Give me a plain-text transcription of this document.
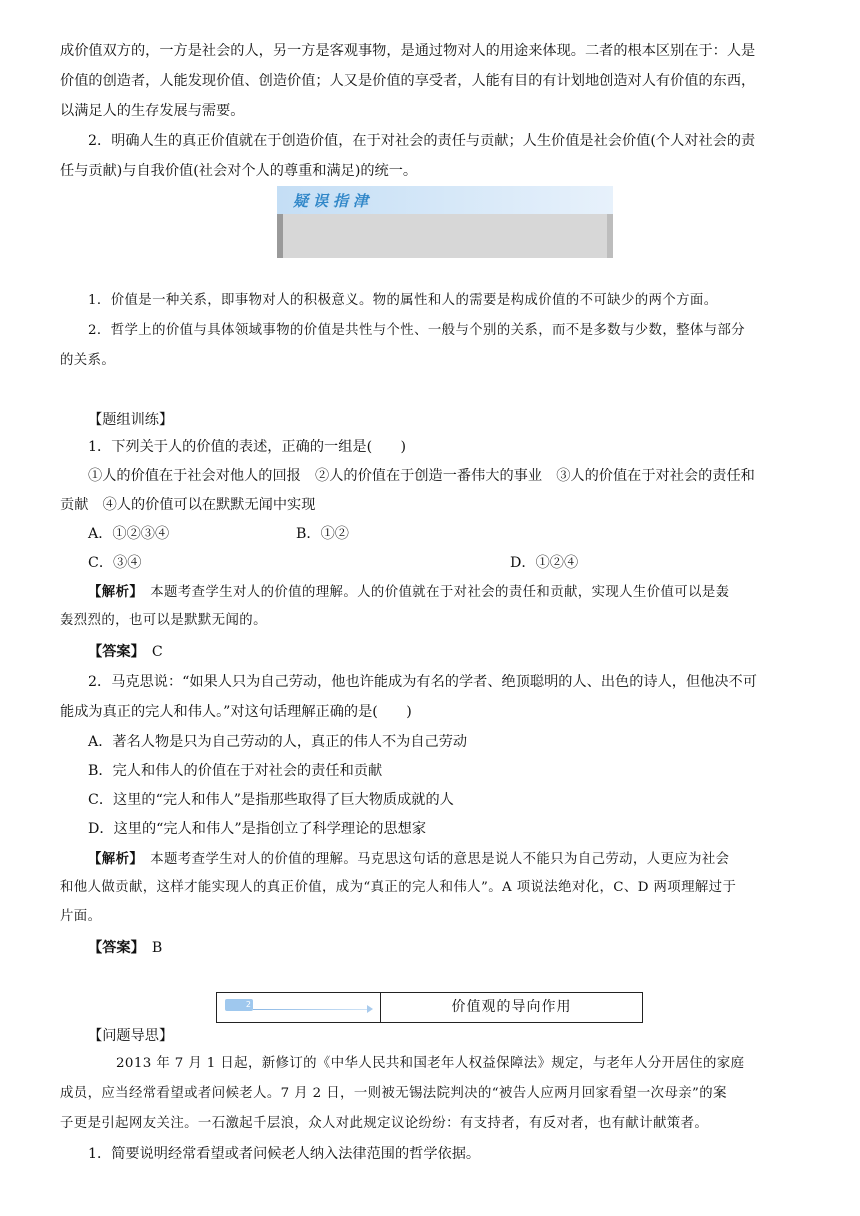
成价值双方的，一方是社会的人，另一方是客观事物，是通过物对人的用途来体现。二者的根本区别在于：人是

价值的创造者，人能发现价值、创造价值；人又是价值的享受者，人能有目的有计划地创造对人有价值的东西，

以满足人的生存发展与需要。

2．明确人生的真正价值就在于创造价值，在于对社会的责任与贡献；人生价值是社会价值(个人对社会的责

任与贡献)与自我价值(社会对个人的尊重和满足)的统一。

疑误指津

1．价值是一种关系，即事物对人的积极意义。物的属性和人的需要是构成价值的不可缺少的两个方面。

2．哲学上的价值与具体领域事物的价值是共性与个性、一般与个别的关系，而不是多数与少数，整体与部分

的关系。

【题组训练】

1．下列关于人的价值的表述，正确的一组是(　　)

①人的价值在于社会对他人的回报　②人的价值在于创造一番伟大的事业　③人的价值在于对社会的责任和

贡献　④人的价值可以在默默无闻中实现

A．①②③④	B．①②

C．③④	D．①②④

【解析】　 本题考查学生对人的价值的理解。人的价值就在于对社会的责任和贡献，实现人生价值可以是轰

轰烈烈的，也可以是默默无闻的。

【答案】　 C

2．马克思说：“如果人只为自己劳动，他也许能成为有名的学者、绝顶聪明的人、出色的诗人，但他决不可

能成为真正的完人和伟人。”对这句话理解正确的是(　　)

A．著名人物是只为自己劳动的人，真正的伟人不为自己劳动

B．完人和伟人的价值在于对社会的责任和贡献

C．这里的“完人和伟人”是指那些取得了巨大物质成就的人

D．这里的“完人和伟人”是指创立了科学理论的思想家

【解析】　 本题考查学生对人的价值的理解。马克思这句话的意思是说人不能只为自己劳动，人更应为社会

和他人做贡献，这样才能实现人的真正价值，成为“真正的完人和伟人”。A 项说法绝对化，C、D 两项理解过于

片面。

【答案】　 B

2	价值观的导向作用

【问题导思】

2013 年 7 月 1 日起，新修订的《中华人民共和国老年人权益保障法》规定，与老年人分开居住的家庭

成员，应当经常看望或者问候老人。7 月 2 日，一则被无锡法院判决的“被告人应两月回家看望一次母亲”的案

子更是引起网友关注。一石激起千层浪，众人对此规定议论纷纷：有支持者，有反对者，也有献计献策者。

1．简要说明经常看望或者问候老人纳入法律范围的哲学依据。
